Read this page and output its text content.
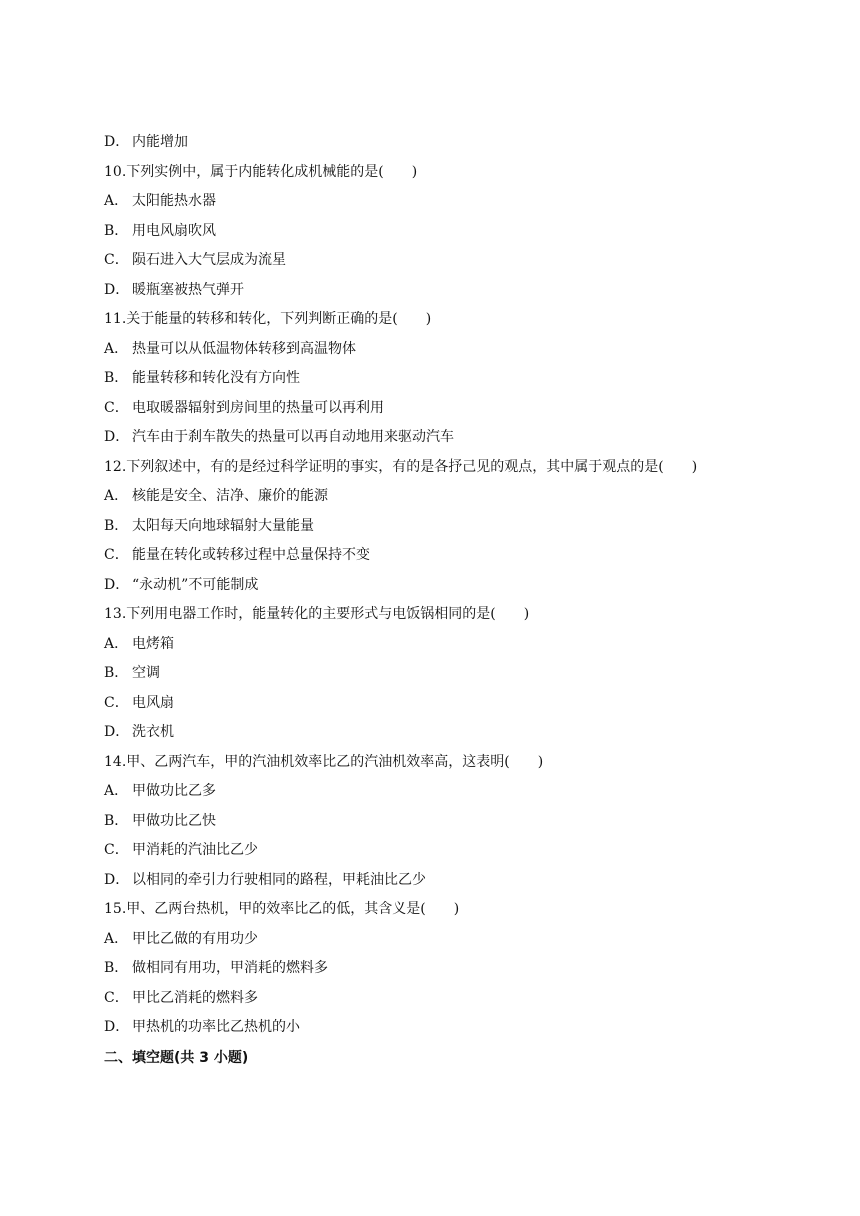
D． 内能增加
10.下列实例中，属于内能转化成机械能的是(　　)
A． 太阳能热水器
B． 用电风扇吹风
C． 陨石进入大气层成为流星
D． 暖瓶塞被热气弹开
11.关于能量的转移和转化，下列判断正确的是(　　)
A． 热量可以从低温物体转移到高温物体
B． 能量转移和转化没有方向性
C． 电取暖器辐射到房间里的热量可以再利用
D． 汽车由于刹车散失的热量可以再自动地用来驱动汽车
12.下列叙述中，有的是经过科学证明的事实，有的是各抒己见的观点，其中属于观点的是(　　)
A． 核能是安全、洁净、廉价的能源
B． 太阳每天向地球辐射大量能量
C． 能量在转化或转移过程中总量保持不变
D． “永动机”不可能制成
13.下列用电器工作时，能量转化的主要形式与电饭锅相同的是(　　)
A． 电烤箱
B． 空调
C． 电风扇
D． 洗衣机
14.甲、乙两汽车，甲的汽油机效率比乙的汽油机效率高，这表明(　　)
A． 甲做功比乙多
B． 甲做功比乙快
C． 甲消耗的汽油比乙少
D． 以相同的牵引力行驶相同的路程，甲耗油比乙少
15.甲、乙两台热机，甲的效率比乙的低，其含义是(　　)
A． 甲比乙做的有用功少
B． 做相同有用功，甲消耗的燃料多
C． 甲比乙消耗的燃料多
D． 甲热机的功率比乙热机的小
二、填空题(共 3 小题)
